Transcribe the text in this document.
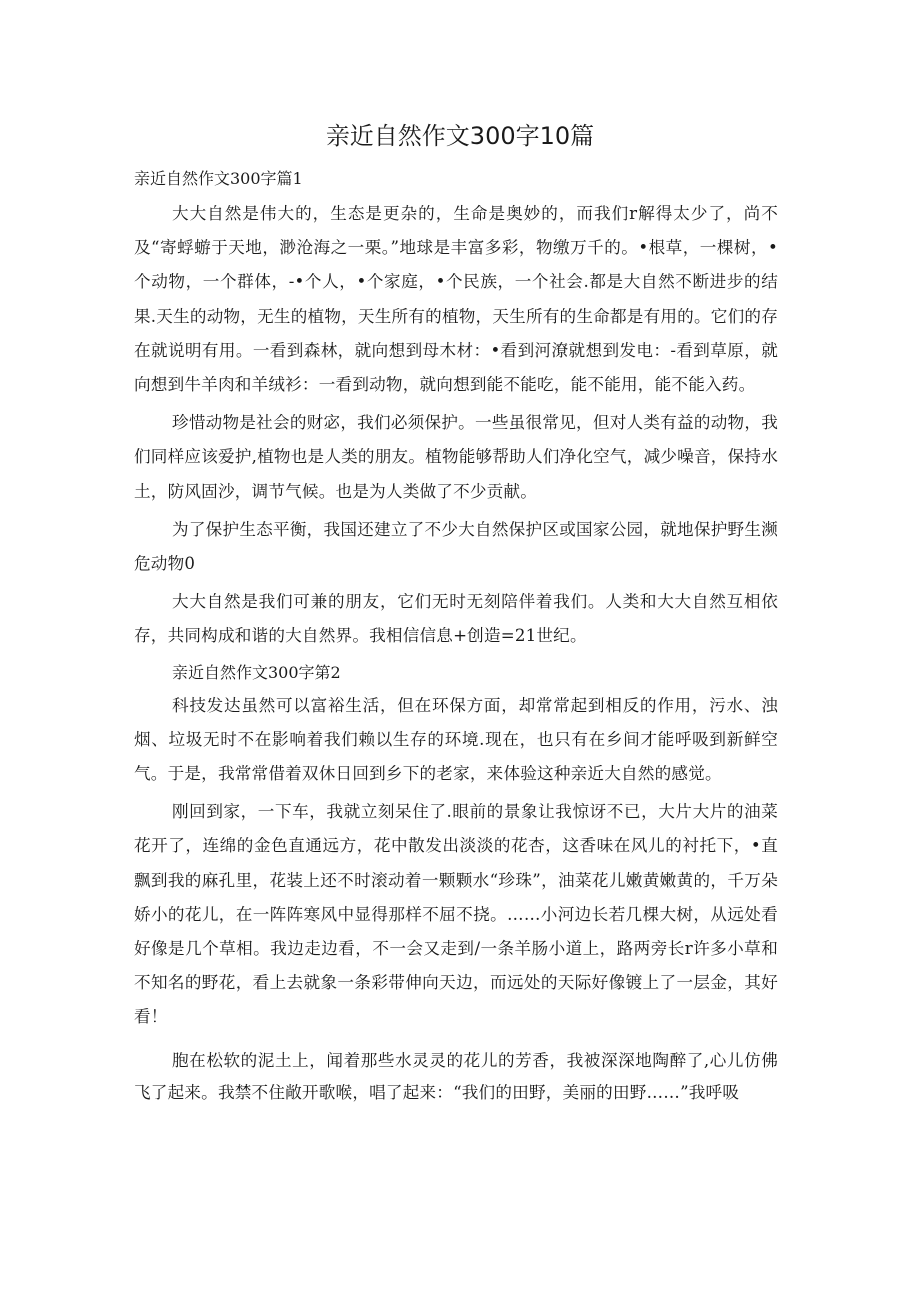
亲近自然作文300字10篇

亲近自然作文300字篇1

大大自然是伟大的，生态是更杂的，生命是奥妙的，而我们r解得太少了，尚不及“寄蜉蝣于天地，渺沧海之一栗。”地球是丰富多彩，物缴万千的。•根草，一棵树，•个动物，一个群体，-•个人，•个家庭，•个民族，一个社会.都是大自然不断进步的结果.天生的动物，无生的植物，天生所有的植物，天生所有的生命都是有用的。它们的存在就说明有用。一看到森林，就向想到母木材：•看到河潦就想到发电：-看到草原，就向想到牛羊肉和羊绒衫：一看到动物，就向想到能不能吃，能不能用，能不能入药。

珍惜动物是社会的财宓，我们必须保护。一些虽很常见，但对人类有益的动物，我们同样应该爱护,植物也是人类的朋友。植物能够帮助人们净化空气，减少噪音，保持水土，防风固沙，调节气候。也是为人类做了不少贡献。

为了保护生态平衡，我国还建立了不少大自然保护区或国家公园，就地保护野生濒危动物0

大大自然是我们可兼的朋友，它们无时无刻陪伴着我们。人类和大大自然互相依存，共同构成和谐的大自然界。我相信信息+创造=21世纪。

亲近自然作文300字第2

科技发达虽然可以富裕生活，但在环保方面，却常常起到相反的作用，污水、浊烟、垃圾无时不在影响着我们赖以生存的环境.现在，也只有在乡间才能呼吸到新鲜空气。于是，我常常借着双休日回到乡下的老家，来体验这种亲近大自然的感觉。

刚回到家，一下车，我就立刻呆住了.眼前的景象让我惊讶不已，大片大片的油菜花开了，连绵的金色直通远方，花中散发出淡淡的花杏，这香味在风儿的衬托下，•直飘到我的麻孔里，花装上还不时滚动着一颗颗水“珍珠”，油菜花儿嫩黄嫩黄的，千万朵娇小的花儿，在一阵阵寒风中显得那样不屈不挠。……小河边长若几棵大树，从远处看好像是几个草相。我边走边看，不一会又走到/一条羊肠小道上，路两旁长r许多小草和不知名的野花，看上去就象一条彩带伸向天边，而远处的天际好像镀上了一层金，其好看！

胞在松软的泥土上，闻着那些水灵灵的花儿的芳香，我被深深地陶醉了,心儿仿佛飞了起来。我禁不住敞开歌喉，唱了起来：“我们的田野，美丽的田野……”我呼吸
